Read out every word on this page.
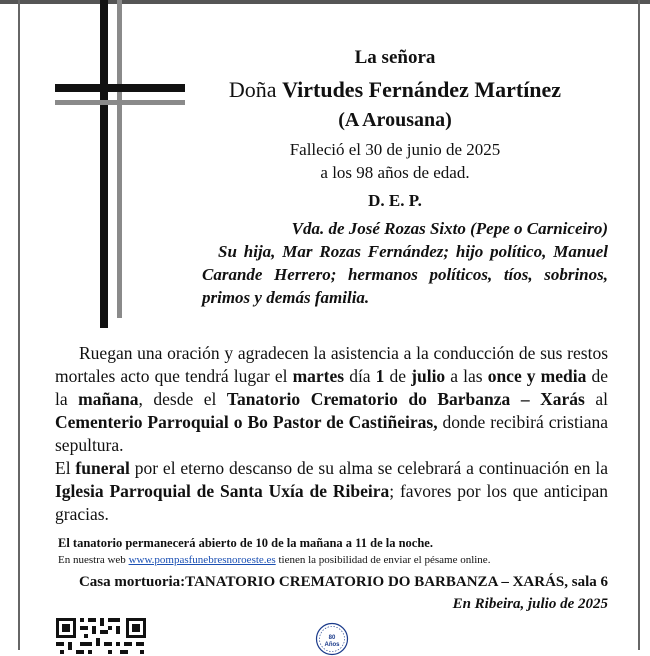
La señora
Doña Virtudes Fernández Martínez
(A Arousana)
Falleció el 30 de junio de 2025
a los 98 años de edad.
D. E. P.
Vda. de José Rozas Sixto (Pepe o Carniceiro)
Su hija, Mar Rozas Fernández; hijo político, Manuel Carande Herrero; hermanos políticos, tíos, sobrinos, primos y demás familia.

Ruegan una oración y agradecen la asistencia a la conducción de sus restos mortales acto que tendrá lugar el martes día 1 de julio a las once y media de la mañana, desde el Tanatorio Crematorio do Barbanza – Xarás al Cementerio Parroquial o Bo Pastor de Castiñeiras, donde recibirá cristiana sepultura.

El funeral por el eterno descanso de su alma se celebrará a continuación en la Iglesia Parroquial de Santa Uxía de Ribeira; favores por los que anticipan gracias.

El tanatorio permanecerá abierto de 10 de la mañana a 11 de la noche.
En nuestra web www.pompasfunebresnoroeste.es tienen la posibilidad de enviar el pésame online.
Casa mortuoria:TANATORIO CREMATORIO DO BARBANZA – XARÁS, sala 6
En Ribeira, julio de 2025
80
Años
